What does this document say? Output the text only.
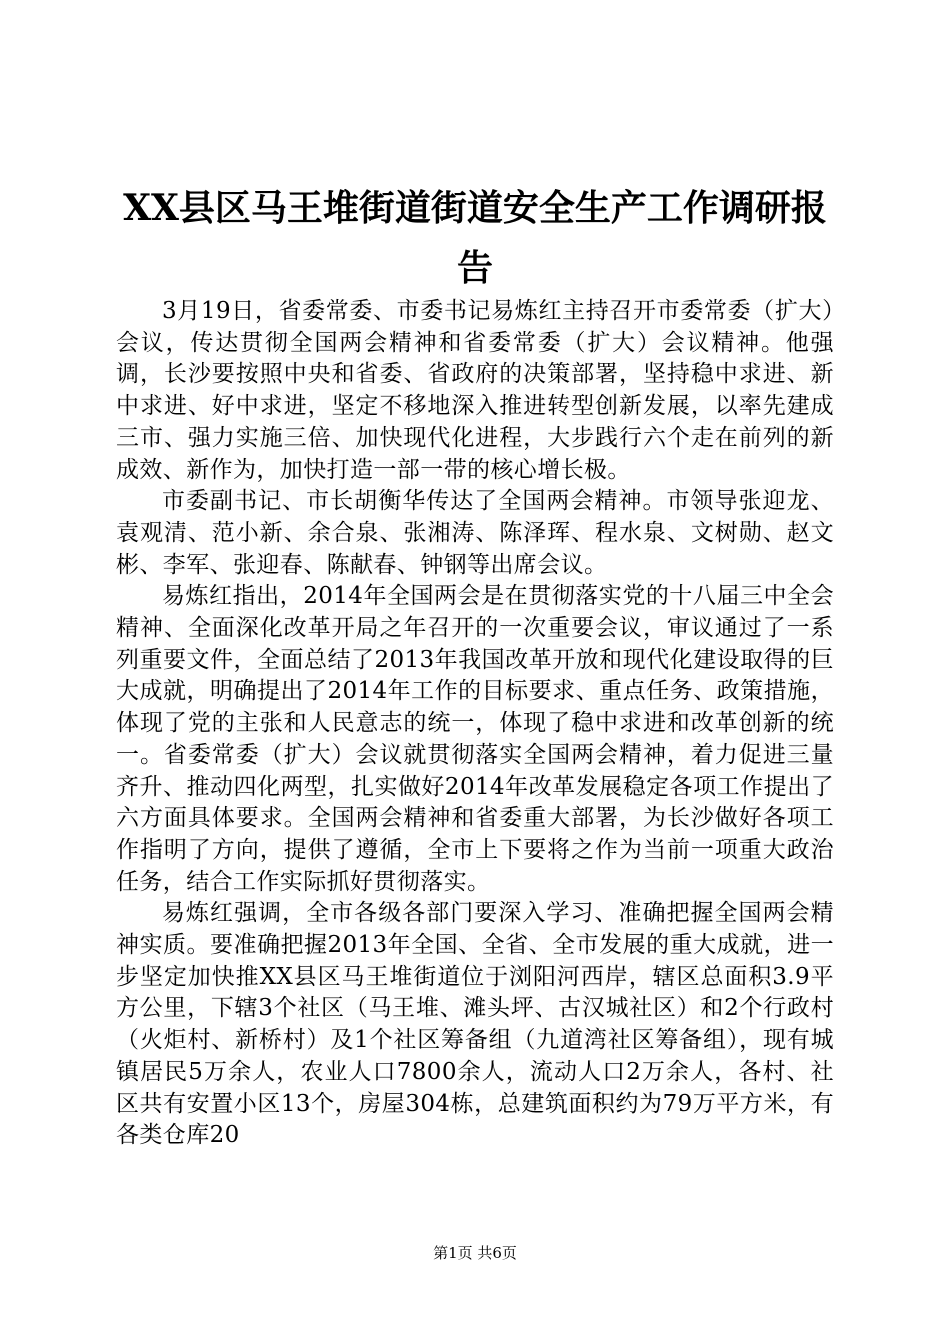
XX县区马王堆街道街道安全生产工作调研报告

3月19日，省委常委、市委书记易炼红主持召开市委常委（扩大）会议，传达贯彻全国两会精神和省委常委（扩大）会议精神。他强调，长沙要按照中央和省委、省政府的决策部署，坚持稳中求进、新中求进、好中求进，坚定不移地深入推进转型创新发展，以率先建成三市、强力实施三倍、加快现代化进程，大步践行六个走在前列的新成效、新作为，加快打造一部一带的核心增长极。

市委副书记、市长胡衡华传达了全国两会精神。市领导张迎龙、袁观清、范小新、余合泉、张湘涛、陈泽珲、程水泉、文树勋、赵文彬、李军、张迎春、陈献春、钟钢等出席会议。

易炼红指出，2014年全国两会是在贯彻落实党的十八届三中全会精神、全面深化改革开局之年召开的一次重要会议，审议通过了一系列重要文件，全面总结了2013年我国改革开放和现代化建设取得的巨大成就，明确提出了2014年工作的目标要求、重点任务、政策措施，体现了党的主张和人民意志的统一，体现了稳中求进和改革创新的统一。省委常委（扩大）会议就贯彻落实全国两会精神，着力促进三量齐升、推动四化两型，扎实做好2014年改革发展稳定各项工作提出了六方面具体要求。全国两会精神和省委重大部署，为长沙做好各项工作指明了方向，提供了遵循，全市上下要将之作为当前一项重大政治任务，结合工作实际抓好贯彻落实。

易炼红强调，全市各级各部门要深入学习、准确把握全国两会精神实质。要准确把握2013年全国、全省、全市发展的重大成就，进一步坚定加快推XX县区马王堆街道位于浏阳河西岸，辖区总面积3.9平方公里，下辖3个社区（马王堆、滩头坪、古汉城社区）和2个行政村（火炬村、新桥村）及1个社区筹备组（九道湾社区筹备组），现有城镇居民5万余人，农业人口7800余人，流动人口2万余人，各村、社区共有安置小区13个，房屋304栋，总建筑面积约为79万平方米，有各类仓库20

第1页 共6页
